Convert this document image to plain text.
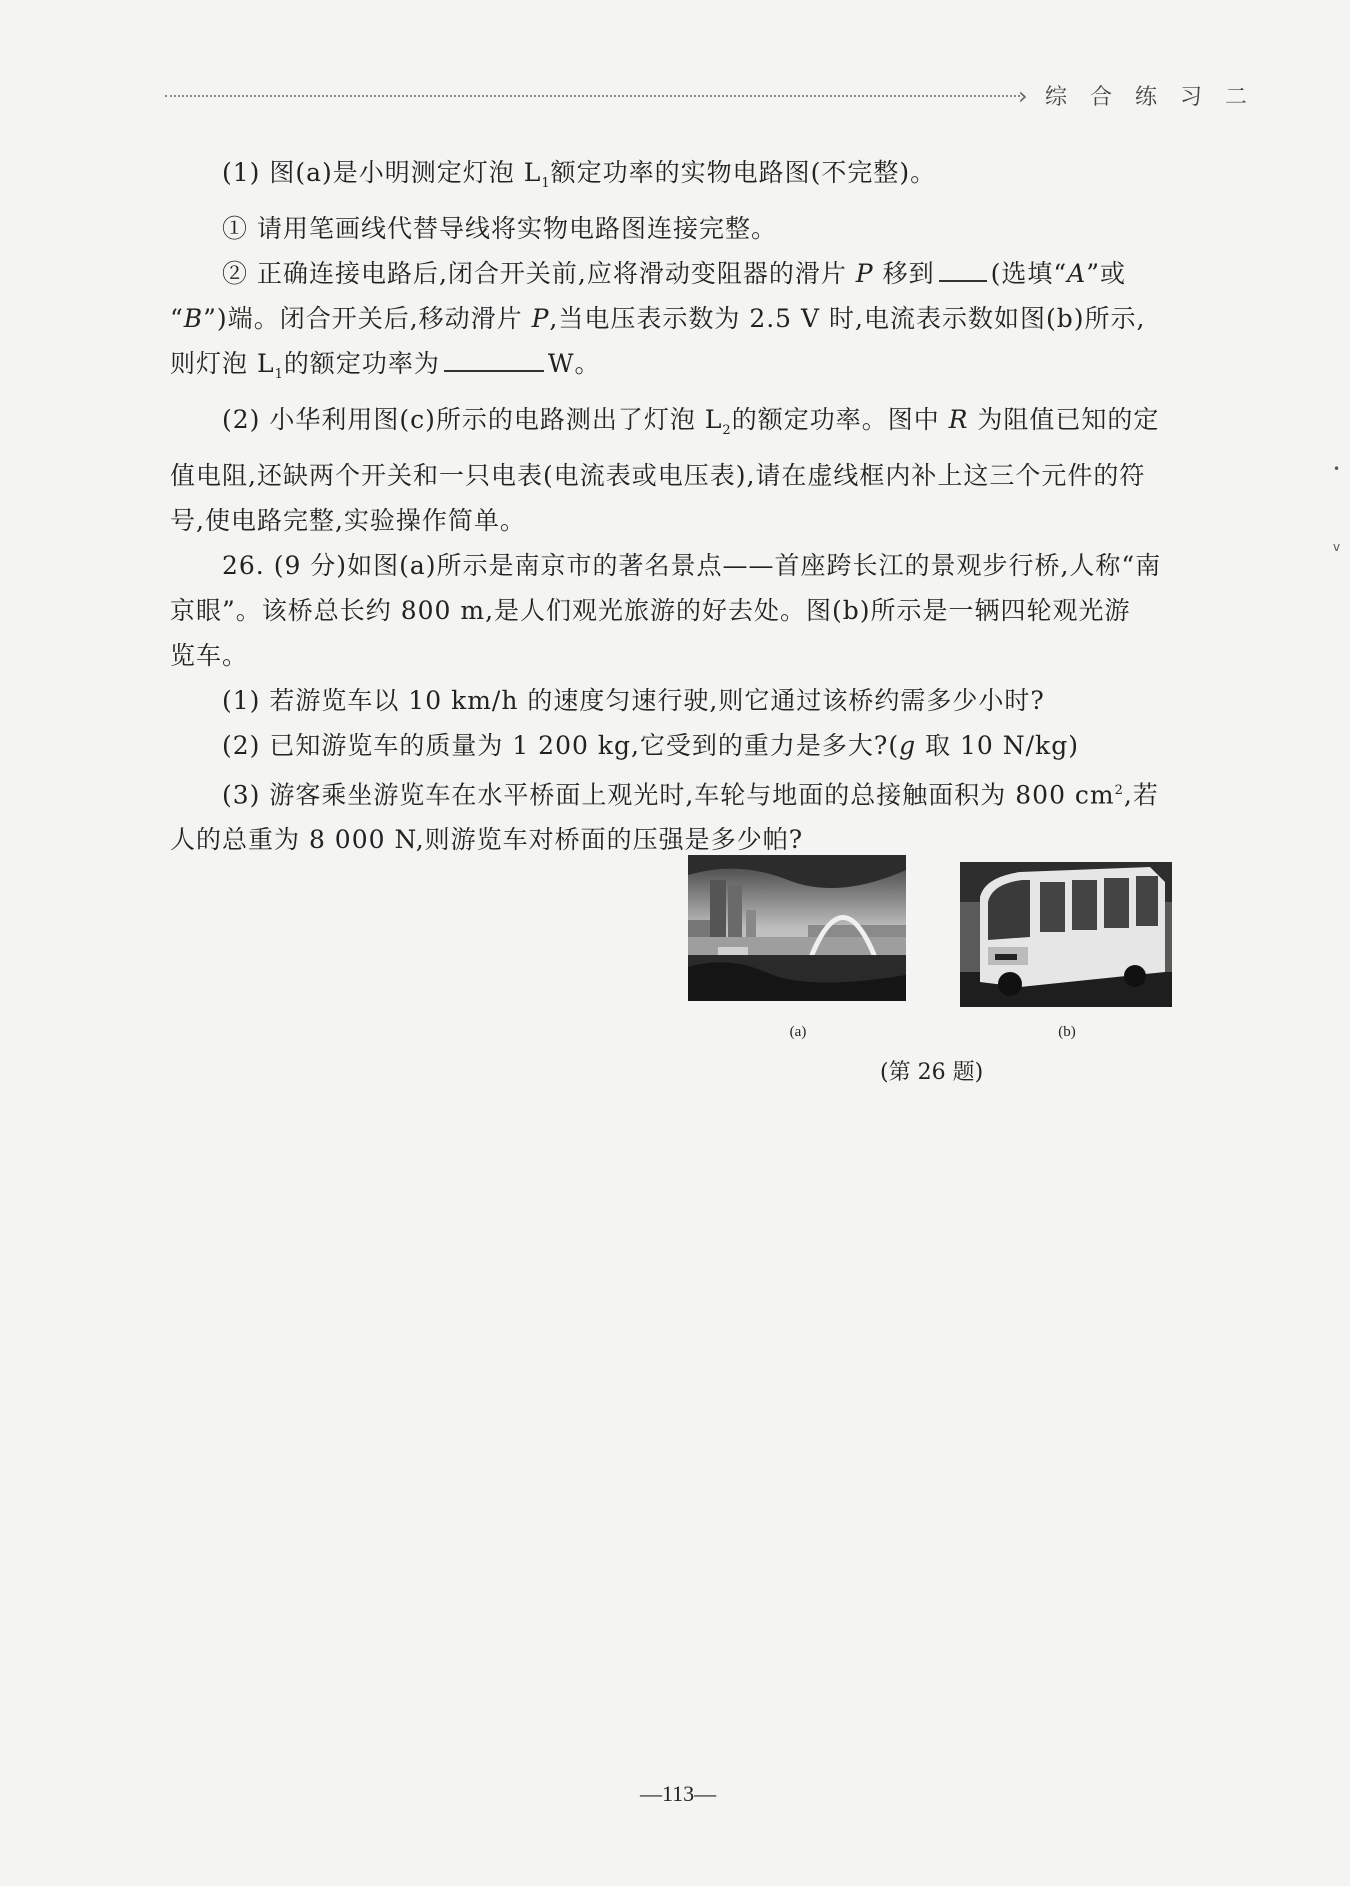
› 综 合 练 习 二
•
v

(1) 图(a)是小明测定灯泡 $L_1$额定功率的实物电路图(不完整)。

① 请用笔画线代替导线将实物电路图连接完整。

② 正确连接电路后,闭合开关前,应将滑动变阻器的滑片 P 移到 (选填“A”或

“B”)端。闭合开关后,移动滑片 P,当电压表示数为 2.5 V 时,电流表示数如图(b)所示,

则灯泡 $L_1$的额定功率为	W。

(2) 小华利用图(c)所示的电路测出了灯泡 $L_2$的额定功率。图中 R 为阻值已知的定

值电阻,还缺两个开关和一只电表(电流表或电压表),请在虚线框内补上这三个元件的符

号,使电路完整,实验操作简单。

26. (9 分)如图(a)所示是南京市的著名景点——首座跨长江的景观步行桥,人称“南

京眼”。该桥总长约 800 m,是人们观光旅游的好去处。图(b)所示是一辆四轮观光游

览车。

(1) 若游览车以 10 km/h 的速度匀速行驶,则它通过该桥约需多少小时?

(2) 已知游览车的质量为 1 200 kg,它受到的重力是多大?(g 取 10 N/kg)

(3) 游客乘坐游览车在水平桥面上观光时,车轮与地面的总接触面积为 800 $cm^2$,若

人的总重为 8 000 N,则游览车对桥面的压强是多少帕?

(a)	(b)
(第 26 题)
—113—
